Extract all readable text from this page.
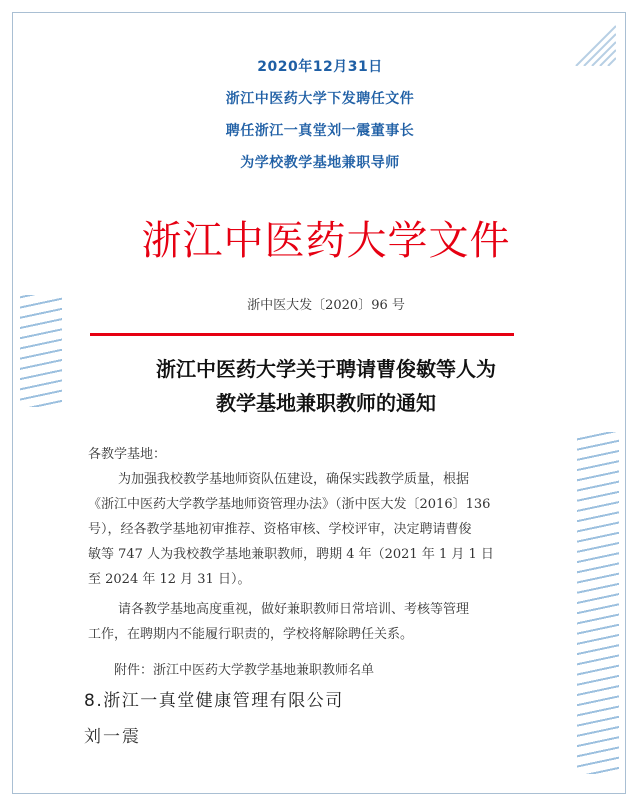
2020年12月31日
浙江中医药大学下发聘任文件
聘任浙江一真堂刘一震董事长
为学校教学基地兼职导师
浙江中医药大学文件
浙中医大发〔2020〕96 号
浙江中医药大学关于聘请曹俊敏等人为
教学基地兼职教师的通知
各教学基地：
为加强我校教学基地师资队伍建设，确保实践教学质量，根据
《浙江中医药大学教学基地师资管理办法》（浙中医大发〔2016〕136
号），经各教学基地初审推荐、资格审核、学校评审，决定聘请曹俊
敏等 747 人为我校教学基地兼职教师，聘期 4 年（2021 年 1 月 1 日
至 2024 年 12 月 31 日）。
请各教学基地高度重视，做好兼职教师日常培训、考核等管理
工作，在聘期内不能履行职责的，学校将解除聘任关系。
附件：浙江中医药大学教学基地兼职教师名单
8.浙江一真堂健康管理有限公司
刘一震
